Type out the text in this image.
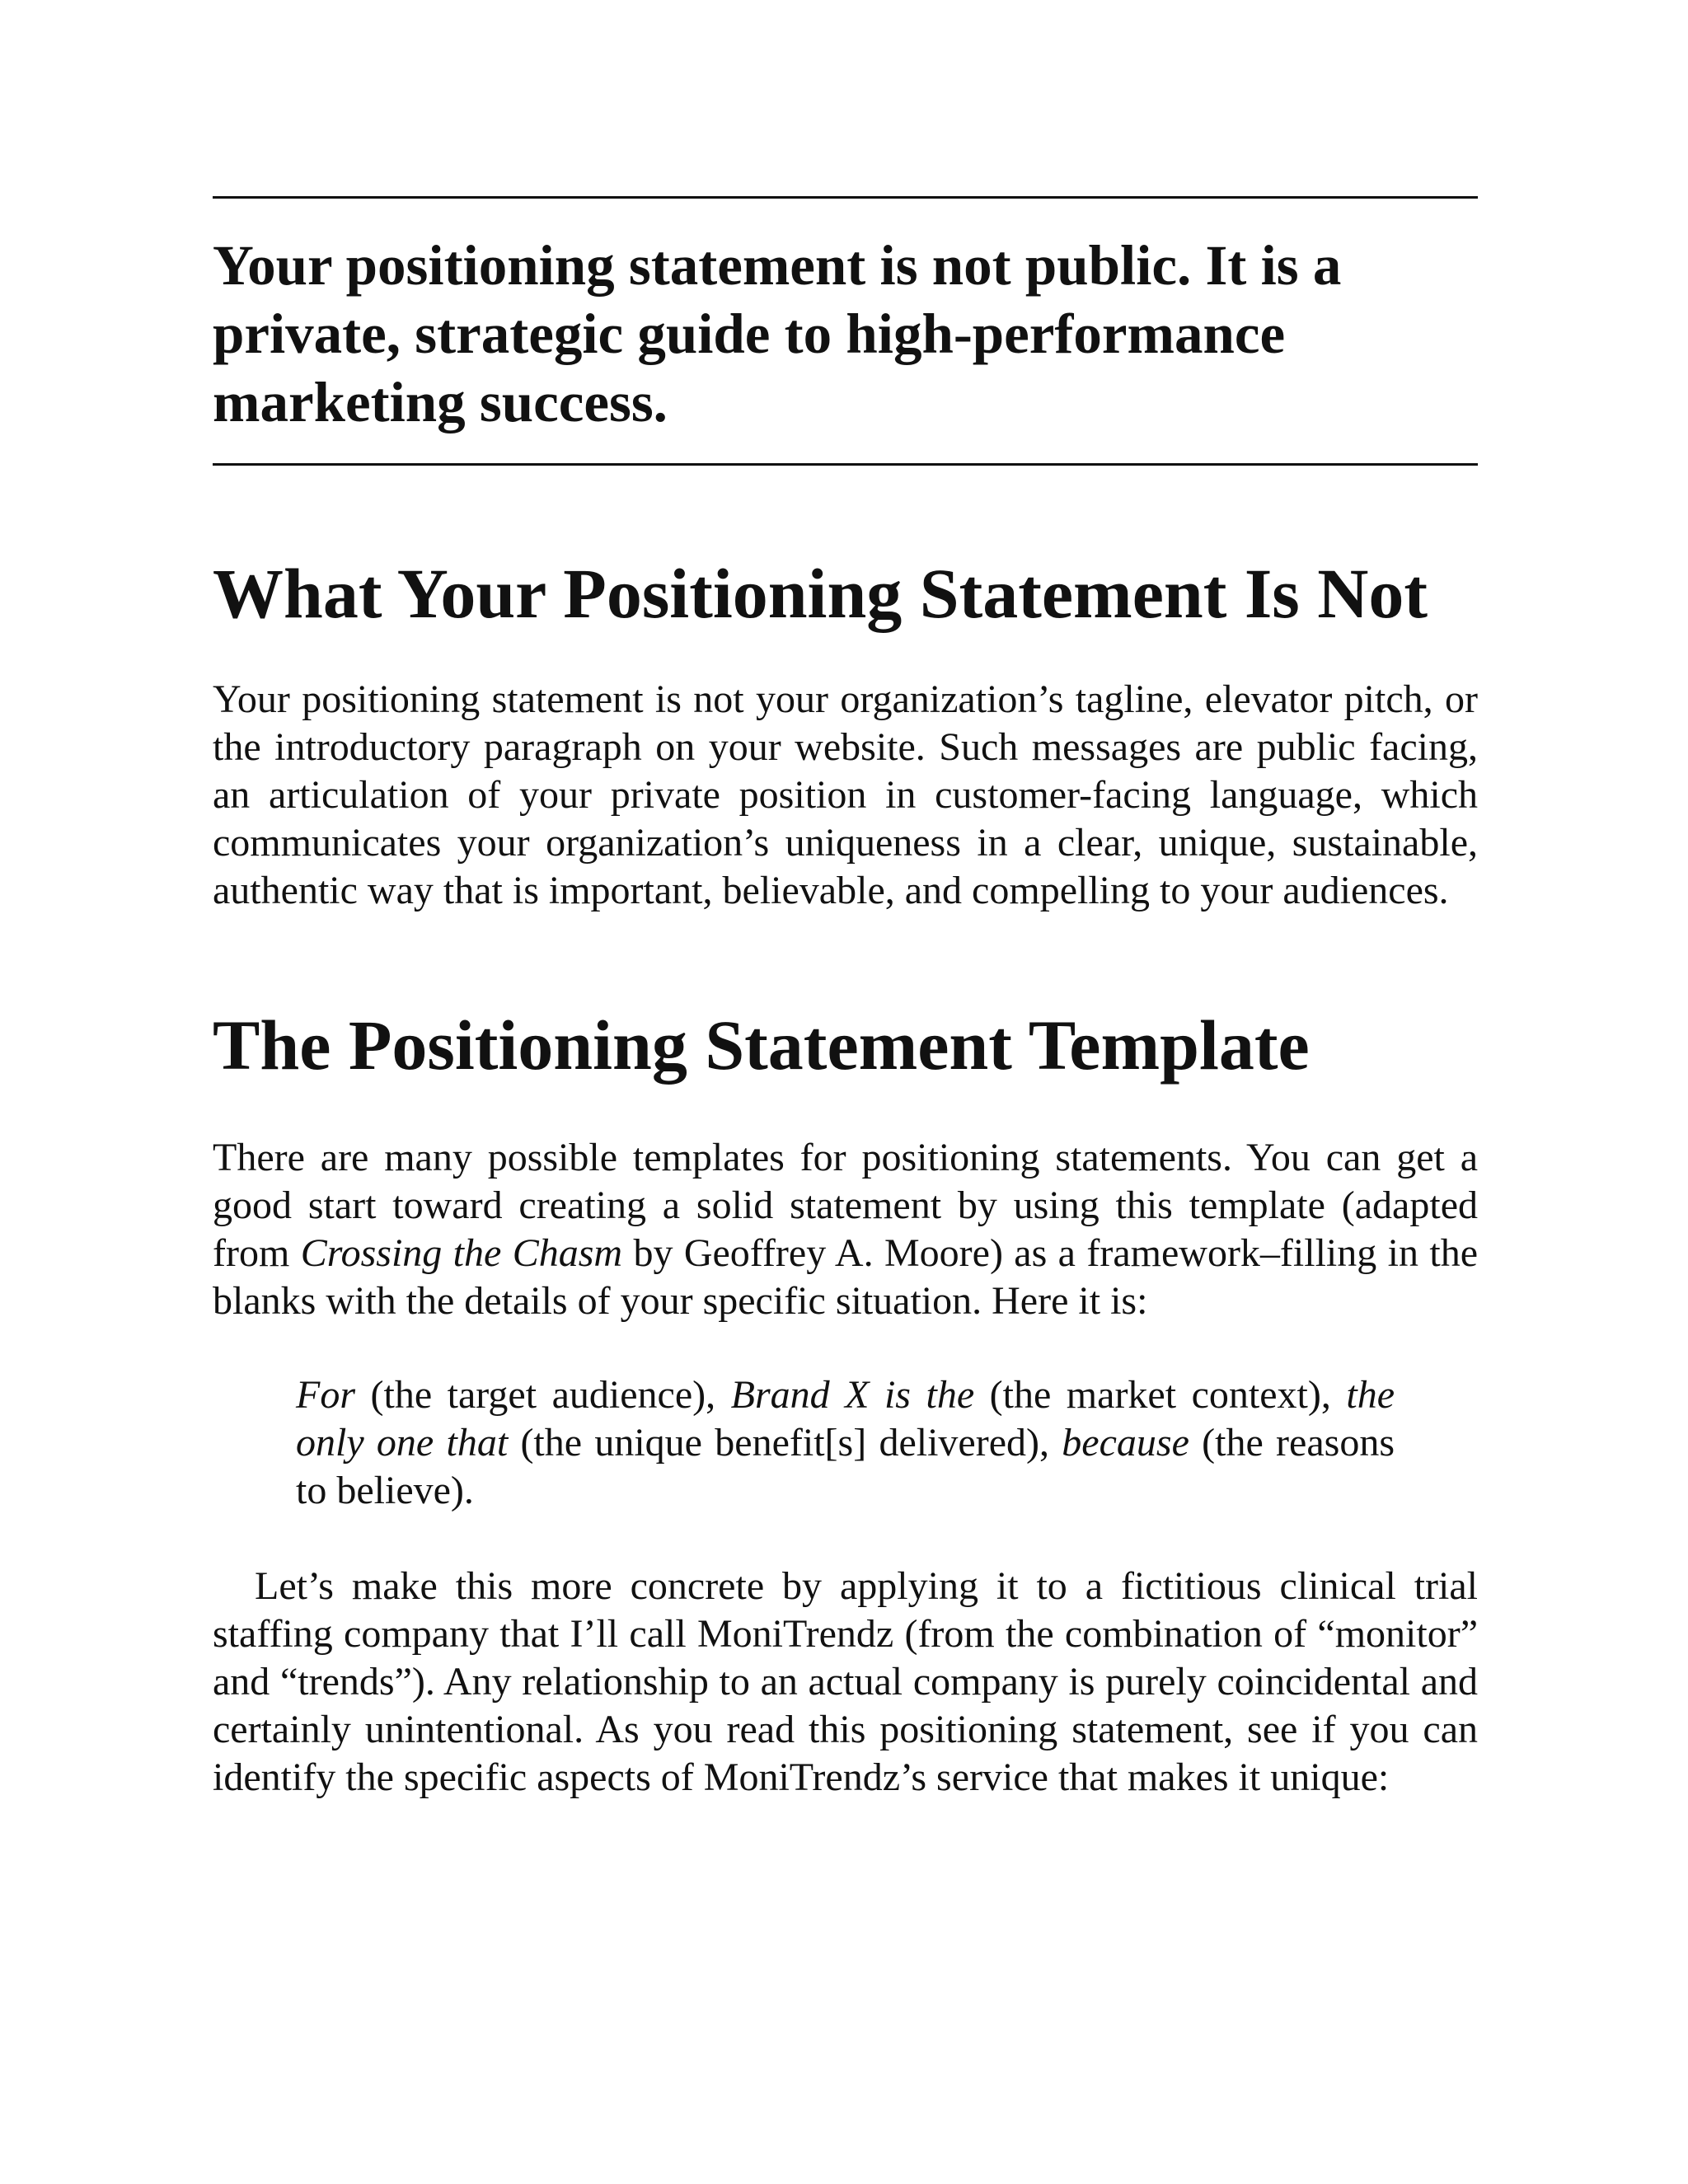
Your positioning statement is not public. It is a private, strategic guide to high-performance marketing success.
What Your Positioning Statement Is Not

Your positioning statement is not your organization’s tagline, elevator pitch, or the introductory paragraph on your website. Such messages are public facing, an articulation of your private position in customer-facing language, which communicates your organization’s uniqueness in a clear, unique, sustainable, authentic way that is important, believable, and compelling to your audiences.

The Positioning Statement Template

There are many possible templates for positioning statements. You can get a good start toward creating a solid statement by using this template (adapted from Crossing the Chasm by Geoffrey A. Moore) as a framework–filling in the blanks with the details of your specific situation. Here it is:

For (the target audience), Brand X is the (the market context), the only one that (the unique benefit[s] delivered), because (the reasons to believe).

Let’s make this more concrete by applying it to a fictitious clinical trial staffing company that I’ll call MoniTrendz (from the combination of “monitor” and “trends”). Any relationship to an actual company is purely coincidental and certainly unintentional. As you read this positioning statement, see if you can identify the specific aspects of MoniTrendz’s service that makes it unique:
